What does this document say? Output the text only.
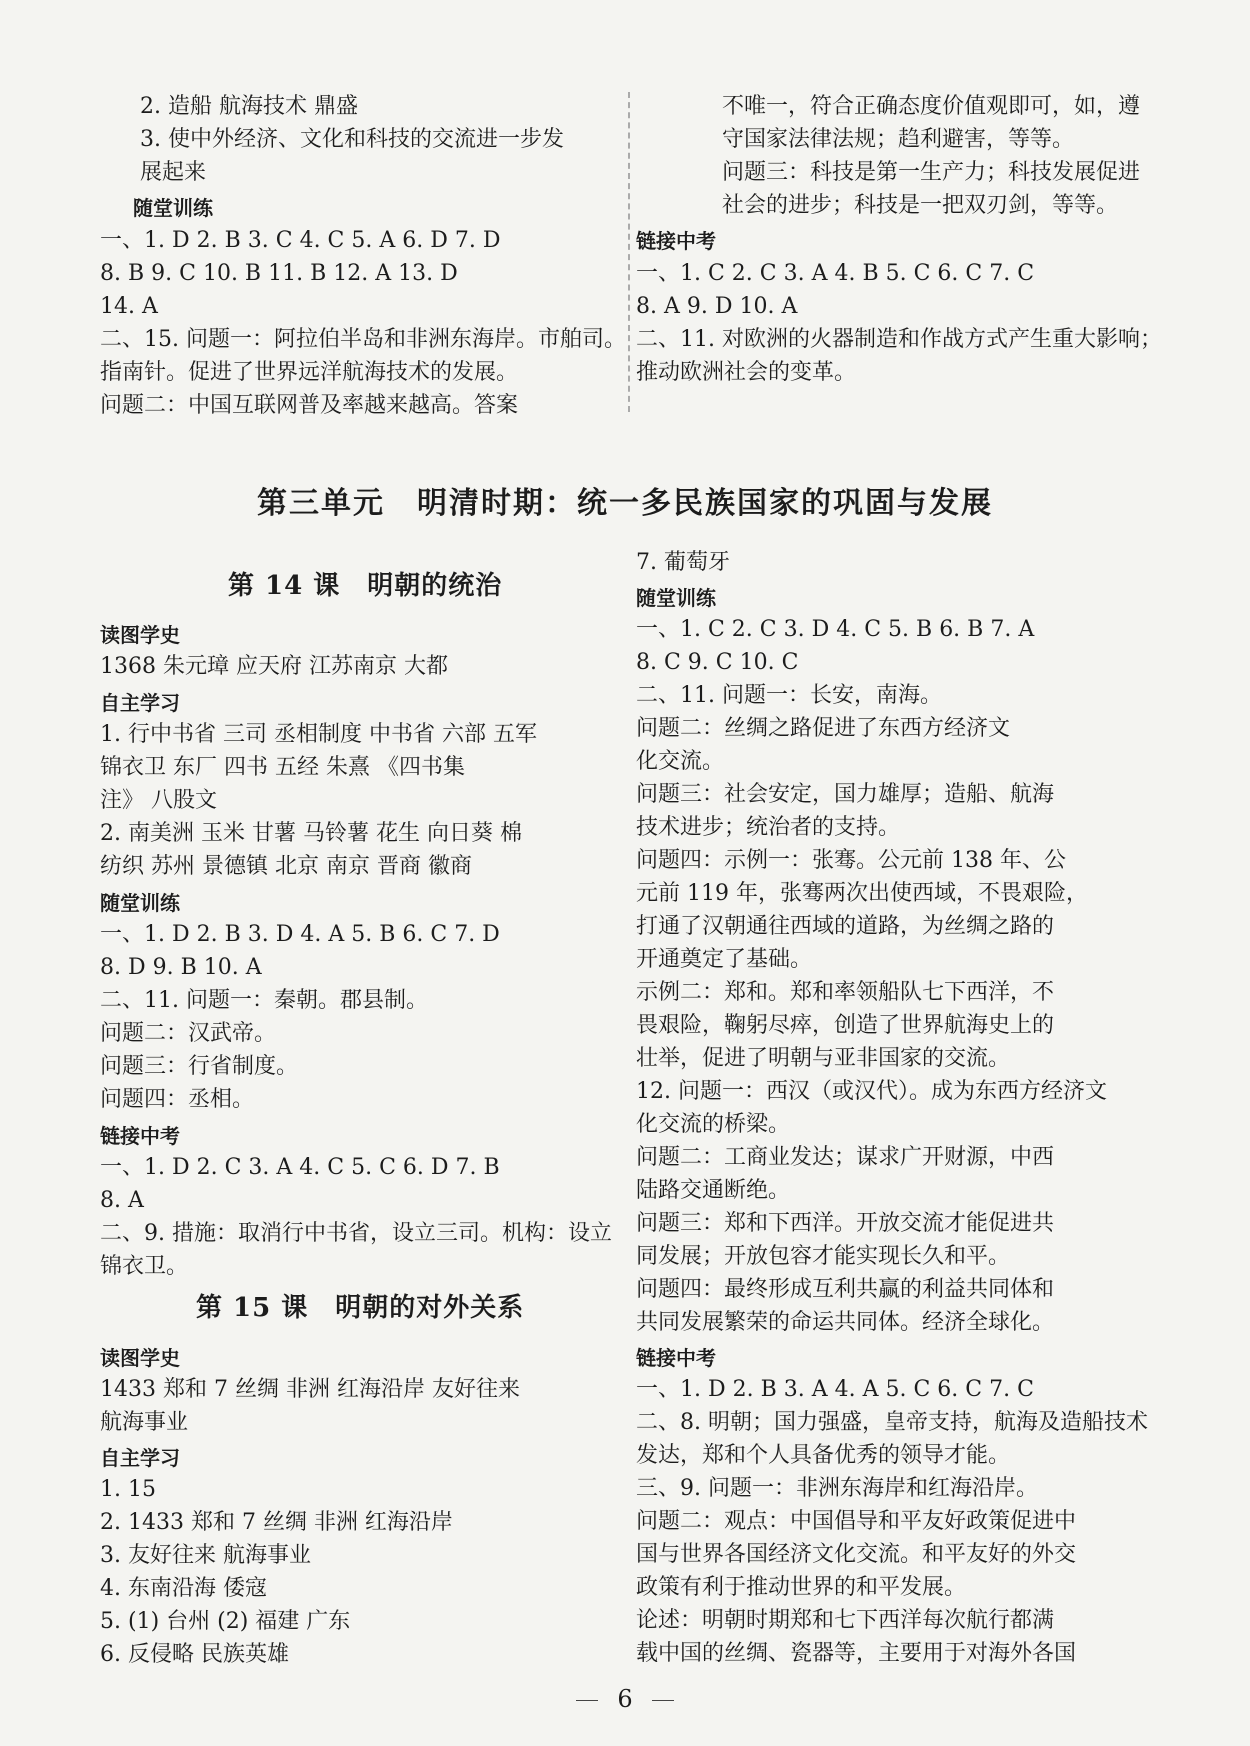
2. 造船 航海技术 鼎盛
3. 使中外经济、文化和科技的交流进一步发
展起来
随堂训练
一、1. D 2. B 3. C 4. C 5. A 6. D 7. D
8. B 9. C 10. B 11. B 12. A 13. D
14. A
二、15. 问题一：阿拉伯半岛和非洲东海岸。市舶司。
指南针。促进了世界远洋航海技术的发展。
问题二：中国互联网普及率越来越高。答案
不唯一，符合正确态度价值观即可，如，遵
守国家法律法规；趋利避害，等等。
问题三：科技是第一生产力；科技发展促进
社会的进步；科技是一把双刃剑，等等。
链接中考
一、1. C 2. C 3. A 4. B 5. C 6. C 7. C
8. A 9. D 10. A
二、11. 对欧洲的火器制造和作战方式产生重大影响；
推动欧洲社会的变革。
第三单元　明清时期：统一多民族国家的巩固与发展
第 14 课　明朝的统治
读图学史
1368 朱元璋 应天府 江苏南京 大都
自主学习
1. 行中书省 三司 丞相制度 中书省 六部 五军
锦衣卫 东厂 四书 五经 朱熹 《四书集
注》 八股文
2. 南美洲 玉米 甘薯 马铃薯 花生 向日葵 棉
纺织 苏州 景德镇 北京 南京 晋商 徽商
随堂训练
一、1. D 2. B 3. D 4. A 5. B 6. C 7. D
8. D 9. B 10. A
二、11. 问题一：秦朝。郡县制。
问题二：汉武帝。
问题三：行省制度。
问题四：丞相。
链接中考
一、1. D 2. C 3. A 4. C 5. C 6. D 7. B
8. A
二、9. 措施：取消行中书省，设立三司。机构：设立
锦衣卫。
第 15 课　明朝的对外关系
读图学史
1433 郑和 7 丝绸 非洲 红海沿岸 友好往来
航海事业
自主学习
1. 15
2. 1433 郑和 7 丝绸 非洲 红海沿岸
3. 友好往来 航海事业
4. 东南沿海 倭寇
5. (1) 台州 (2) 福建 广东
6. 反侵略 民族英雄
7. 葡萄牙
随堂训练
一、1. C 2. C 3. D 4. C 5. B 6. B 7. A
8. C 9. C 10. C
二、11. 问题一：长安，南海。
问题二：丝绸之路促进了东西方经济文
化交流。
问题三：社会安定，国力雄厚；造船、航海
技术进步；统治者的支持。
问题四：示例一：张骞。公元前 138 年、公
元前 119 年，张骞两次出使西域，不畏艰险，
打通了汉朝通往西域的道路，为丝绸之路的
开通奠定了基础。
示例二：郑和。郑和率领船队七下西洋，不
畏艰险，鞠躬尽瘁，创造了世界航海史上的
壮举，促进了明朝与亚非国家的交流。
12. 问题一：西汉（或汉代）。成为东西方经济文
化交流的桥梁。
问题二：工商业发达；谋求广开财源，中西
陆路交通断绝。
问题三：郑和下西洋。开放交流才能促进共
同发展；开放包容才能实现长久和平。
问题四：最终形成互利共赢的利益共同体和
共同发展繁荣的命运共同体。经济全球化。
链接中考
一、1. D 2. B 3. A 4. A 5. C 6. C 7. C
二、8. 明朝；国力强盛，皇帝支持，航海及造船技术
发达，郑和个人具备优秀的领导才能。
三、9. 问题一：非洲东海岸和红海沿岸。
问题二：观点：中国倡导和平友好政策促进中
国与世界各国经济文化交流。和平友好的外交
政策有利于推动世界的和平发展。
论述：明朝时期郑和七下西洋每次航行都满
载中国的丝绸、瓷器等，主要用于对海外各国
6
